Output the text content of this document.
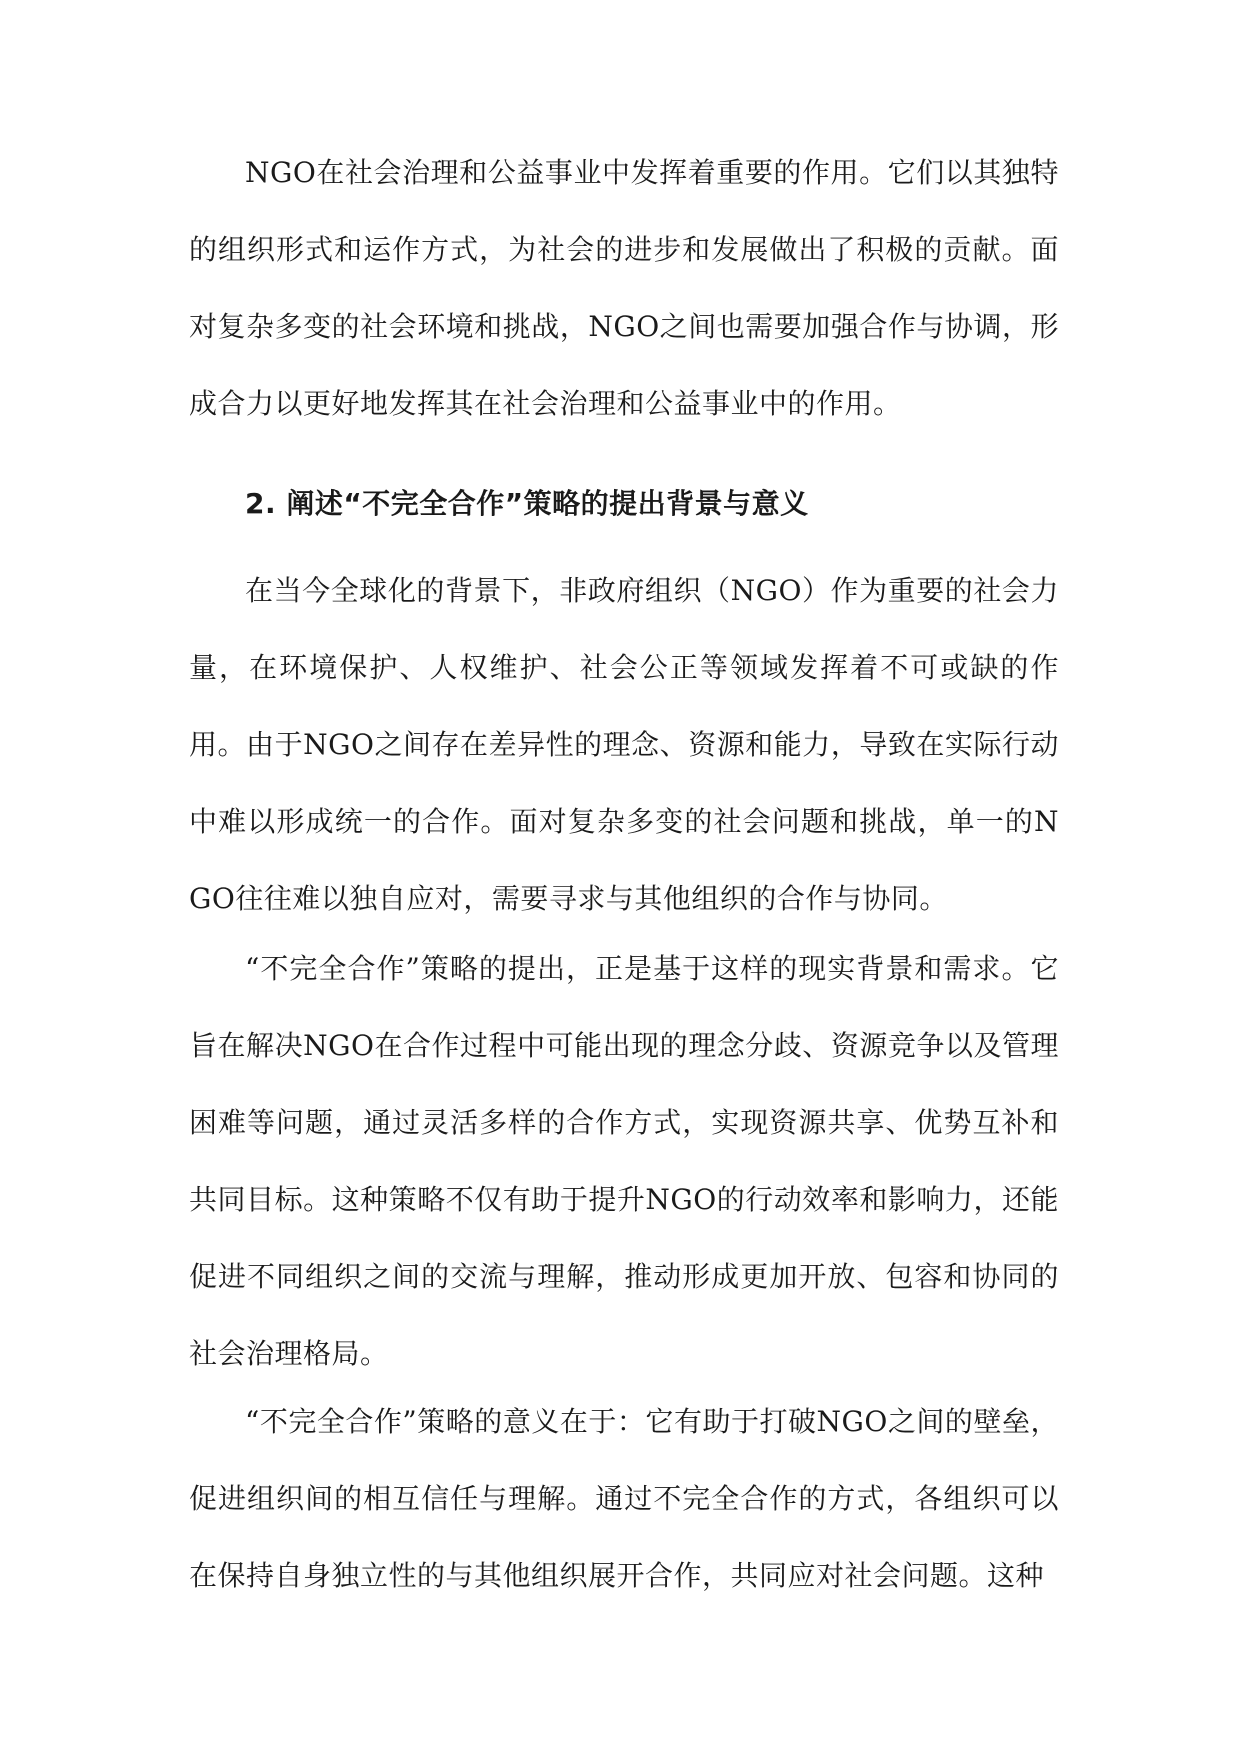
NGO在社会治理和公益事业中发挥着重要的作用。它们以其独特的组织形式和运作方式，为社会的进步和发展做出了积极的贡献。面对复杂多变的社会环境和挑战，NGO之间也需要加强合作与协调，形成合力以更好地发挥其在社会治理和公益事业中的作用。

2. 阐述“不完全合作”策略的提出背景与意义

在当今全球化的背景下，非政府组织（NGO）作为重要的社会力量，在环境保护、人权维护、社会公正等领域发挥着不可或缺的作用。由于NGO之间存在差异性的理念、资源和能力，导致在实际行动中难以形成统一的合作。面对复杂多变的社会问题和挑战，单一的NGO往往难以独自应对，需要寻求与其他组织的合作与协同。

“不完全合作”策略的提出，正是基于这样的现实背景和需求。它旨在解决NGO在合作过程中可能出现的理念分歧、资源竞争以及管理困难等问题，通过灵活多样的合作方式，实现资源共享、优势互补和共同目标。这种策略不仅有助于提升NGO的行动效率和影响力，还能促进不同组织之间的交流与理解，推动形成更加开放、包容和协同的社会治理格局。

“不完全合作”策略的意义在于：它有助于打破NGO之间的壁垒，促进组织间的相互信任与理解。通过不完全合作的方式，各组织可以在保持自身独立性的与其他组织展开合作，共同应对社会问题。这种
